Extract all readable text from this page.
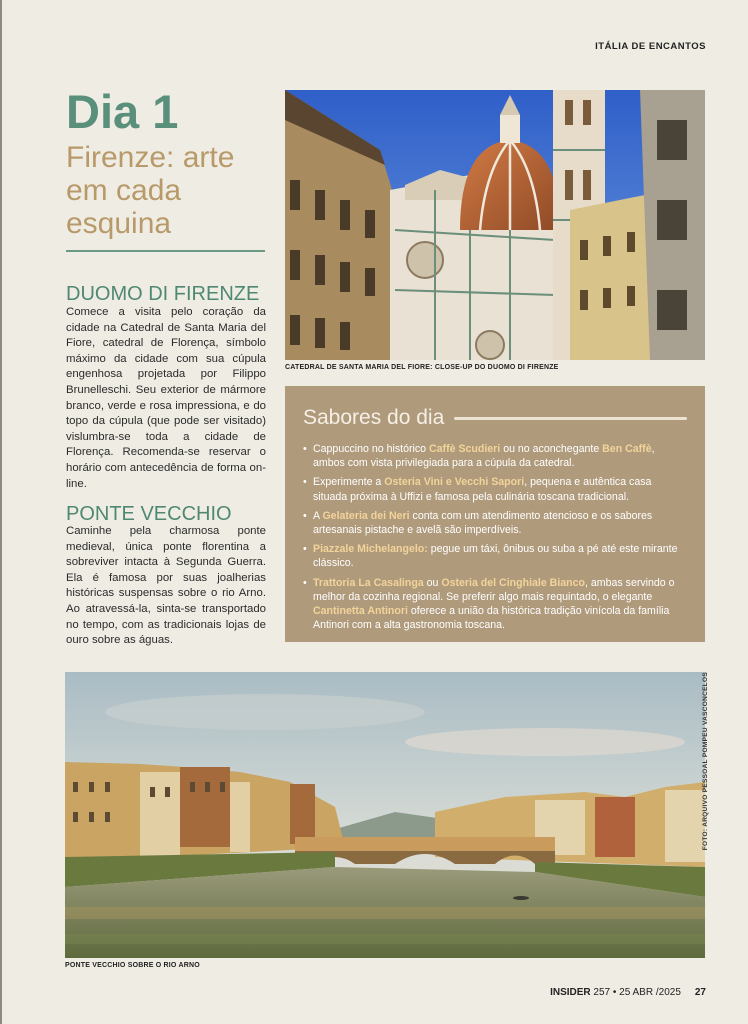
ITÁLIA DE ENCANTOS
Dia 1
Firenze: arte em cada esquina
DUOMO DI FIRENZE
Comece a visita pelo coração da cidade na Catedral de Santa Maria del Fiore, catedral de Florença, símbolo máximo da cidade com sua cúpula engenhosa projetada por Filippo Brunelleschi. Seu exterior de mármore branco, verde e rosa impressiona, e do topo da cúpula (que pode ser visitado) vislumbra-se toda a cidade de Florença. Recomenda-se reservar o horário com antecedência de forma on-line.
PONTE VECCHIO
Caminhe pela charmosa ponte medieval, única ponte florentina a sobreviver intacta à Segunda Guerra. Ela é famosa por suas joalherias históricas suspensas sobre o rio Arno. Ao atravessá-la, sinta-se transportado no tempo, com as tradicionais lojas de ouro sobre as águas.
CATEDRAL DE SANTA MARIA DEL FIORE: CLOSE-UP DO DUOMO DI FIRENZE
Sabores do dia
• Cappuccino no histórico Caffè Scudieri ou no aconchegante Ben Caffè, ambos com vista privilegiada para a cúpula da catedral.
• Experimente a Osteria Vini e Vecchi Sapori, pequena e autêntica casa situada próxima à Uffizi e famosa pela culinária toscana tradicional.
• A Gelateria dei Neri conta com um atendimento atencioso e os sabores artesanais pistache e avelã são imperdíveis.
• Piazzale Michelangelo: pegue um táxi, ônibus ou suba a pé até este mirante clássico.
• Trattoria La Casalinga ou Osteria del Cinghiale Bianco, ambas servindo o melhor da cozinha regional. Se preferir algo mais requintado, o elegante Cantinetta Antinori oferece a união da histórica tradição vinícola da família Antinori com a alta gastronomia toscana.
PONTE VECCHIO SOBRE O RIO ARNO
FOTO: ARQUIVO PESSOAL POMPEU VASCONCELOS
INSIDER 257 • 25 ABR /2025 27
